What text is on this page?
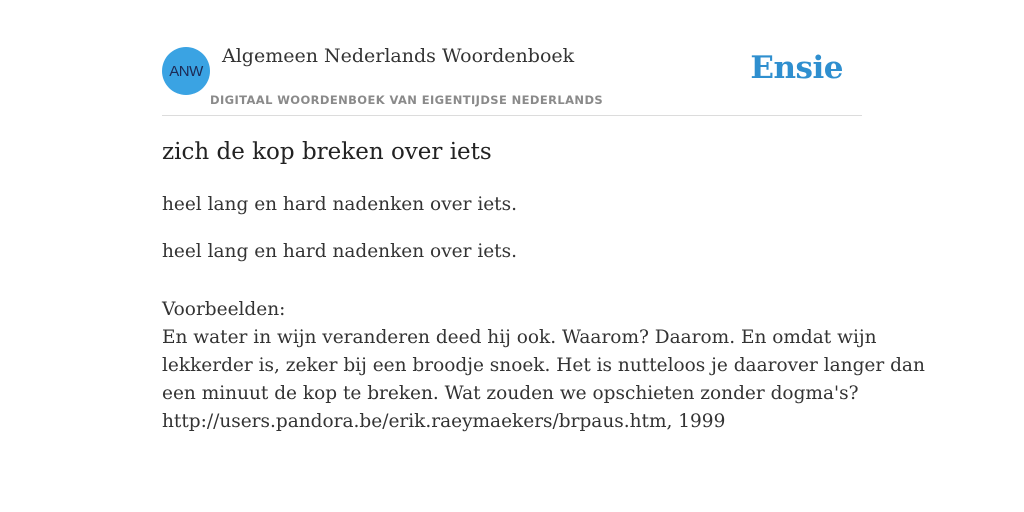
ANW
Algemeen Nederlands Woordenboek
DIGITAAL WOORDENBOEK VAN EIGENTIJDSE NEDERLANDS
Ensie
zich de kop breken over iets
heel lang en hard nadenken over iets.
heel lang en hard nadenken over iets.
Voorbeelden:
En water in wijn veranderen deed hij ook. Waarom? Daarom. En omdat wijn
lekkerder is, zeker bij een broodje snoek. Het is nutteloos je daarover langer dan
een minuut de kop te breken. Wat zouden we opschieten zonder dogma's?
http://users.pandora.be/erik.raeymaekers/brpaus.htm, 1999
